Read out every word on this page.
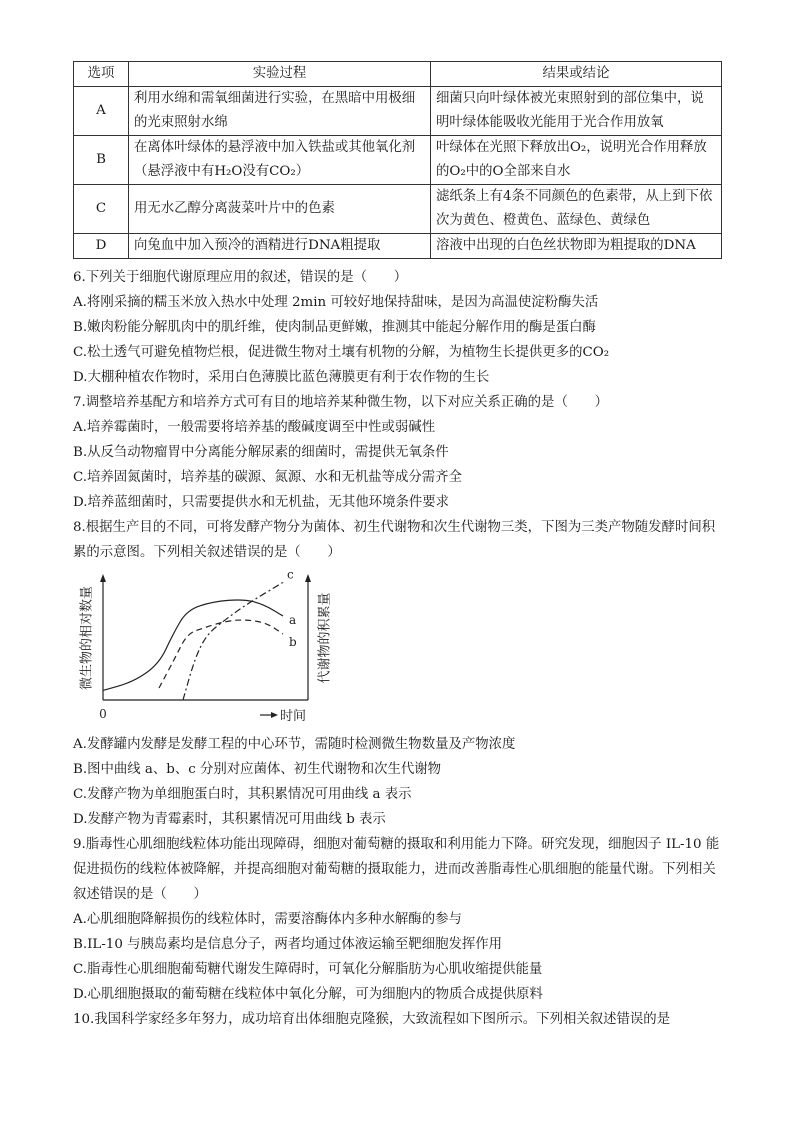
选项	实验过程	结果或结论
A	利用水绵和需氧细菌进行实验，在黑暗中用极细的光束照射水绵	细菌只向叶绿体被光束照射到的部位集中，说明叶绿体能吸收光能用于光合作用放氧
B	在离体叶绿体的悬浮液中加入铁盐或其他氧化剂（悬浮液中有H₂O没有CO₂）	叶绿体在光照下释放出O₂，说明光合作用释放的O₂中的O全部来自水
C	用无水乙醇分离菠菜叶片中的色素	滤纸条上有4条不同颜色的色素带，从上到下依次为黄色、橙黄色、蓝绿色、黄绿色
D	向兔血中加入预冷的酒精进行DNA粗提取	溶液中出现的白色丝状物即为粗提取的DNA
6.下列关于细胞代谢原理应用的叙述，错误的是（　　）
A.将刚采摘的糯玉米放入热水中处理 2min 可较好地保持甜味，是因为高温使淀粉酶失活
B.嫩肉粉能分解肌肉中的肌纤维，使肉制品更鲜嫩，推测其中能起分解作用的酶是蛋白酶
C.松土透气可避免植物烂根，促进微生物对土壤有机物的分解，为植物生长提供更多的CO₂
D.大棚种植农作物时，采用白色薄膜比蓝色薄膜更有利于农作物的生长
7.调整培养基配方和培养方式可有目的地培养某种微生物，以下对应关系正确的是（　　）
A.培养霉菌时，一般需要将培养基的酸碱度调至中性或弱碱性
B.从反刍动物瘤胃中分离能分解尿素的细菌时，需提供无氧条件
C.培养固氮菌时，培养基的碳源、氮源、水和无机盐等成分需齐全
D.培养蓝细菌时，只需要提供水和无机盐，无其他环境条件要求
8.根据生产目的不同，可将发酵产物分为菌体、初生代谢物和次生代谢物三类，下图为三类产物随发酵时间积累的示意图。下列相关叙述错误的是（　　）
微生物的相对数量	代谢物的积累量
0	时间
a
b
c
A.发酵罐内发酵是发酵工程的中心环节，需随时检测微生物数量及产物浓度
B.图中曲线 a、b、c 分别对应菌体、初生代谢物和次生代谢物
C.发酵产物为单细胞蛋白时，其积累情况可用曲线 a 表示
D.发酵产物为青霉素时，其积累情况可用曲线 b 表示
9.脂毒性心肌细胞线粒体功能出现障碍，细胞对葡萄糖的摄取和利用能力下降。研究发现，细胞因子 IL-10 能促进损伤的线粒体被降解，并提高细胞对葡萄糖的摄取能力，进而改善脂毒性心肌细胞的能量代谢。下列相关叙述错误的是（　　）
A.心肌细胞降解损伤的线粒体时，需要溶酶体内多种水解酶的参与
B.IL-10 与胰岛素均是信息分子，两者均通过体液运输至靶细胞发挥作用
C.脂毒性心肌细胞葡萄糖代谢发生障碍时，可氧化分解脂肪为心肌收缩提供能量
D.心肌细胞摄取的葡萄糖在线粒体中氧化分解，可为细胞内的物质合成提供原料
10.我国科学家经多年努力，成功培育出体细胞克隆猴，大致流程如下图所示。下列相关叙述错误的是
